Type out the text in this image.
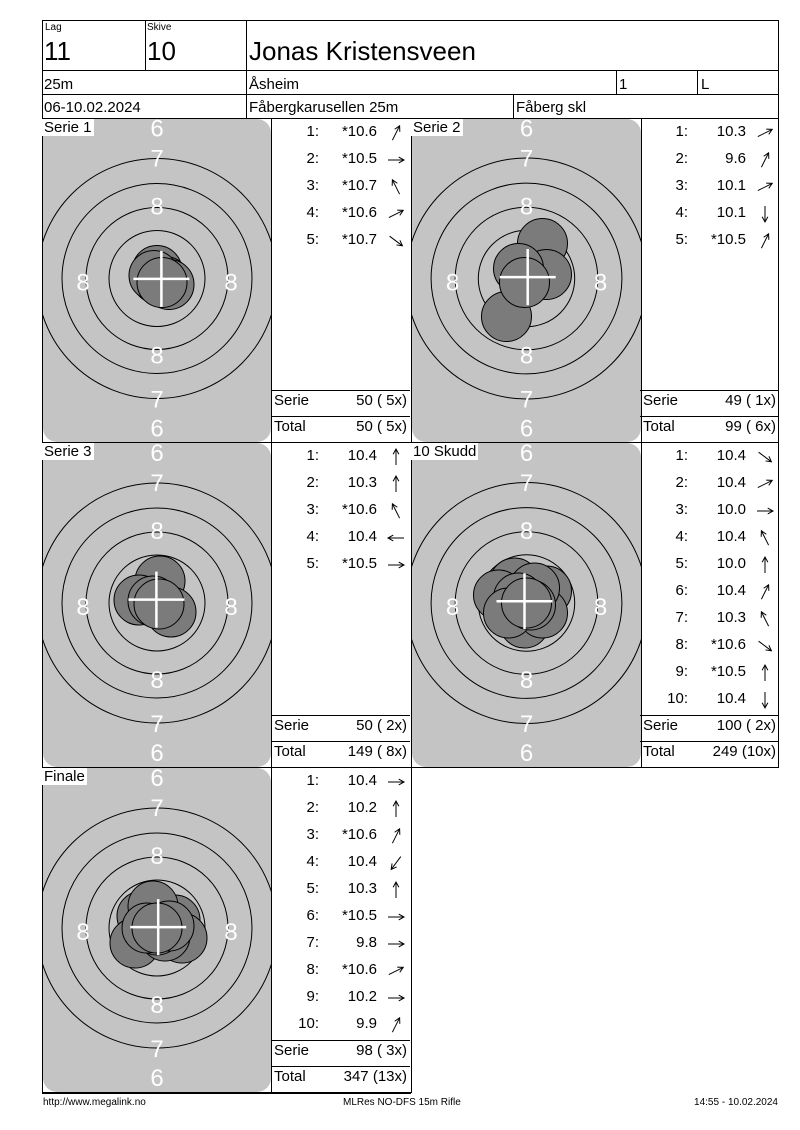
Lag
11
Skive
10	Jonas Kristensveen
25m	Åsheim	1	L
06-10.02.2024	Fåbergkarusellen 25m	Fåberg skl
6
7
8
8
7
6
8	8
Serie 1	1:	*10.6
2:	*10.5
3:	*10.7
4:	*10.6
5:	*10.7
Serie	50 ( 5x)
Total	50 ( 5x)
6
7
8
8
7
6
8	8
Serie 2	1:	10.3
2:	9.6
3:	10.1
4:	10.1
5:	*10.5
Serie	49 ( 1x)
Total	99 ( 6x)
6
7
8
8
7
6
8	8
Serie 3	1:	10.4
2:	10.3
3:	*10.6
4:	10.4
5:	*10.5
Serie	50 ( 2x)
Total	149 ( 8x)
6
7
8
8
7
6
8	8
10 Skudd	1:	10.4
2:	10.4
3:	10.0
4:	10.4
5:	10.0
6:	10.4
7:	10.3
8:	*10.6
9:	*10.5
10:	10.4
Serie	100 ( 2x)
Total	249 (10x)
6
7
8
8
7
6
8	8
Finale	1:	10.4
2:	10.2
3:	*10.6
4:	10.4
5:	10.3
6:	*10.5
7:	9.8
8:	*10.6
9:	10.2
10:	9.9
Serie	98 ( 3x)
Total	347 (13x)
http://www.megalink.no	MLRes NO-DFS 15m Rifle	14:55 - 10.02.2024
